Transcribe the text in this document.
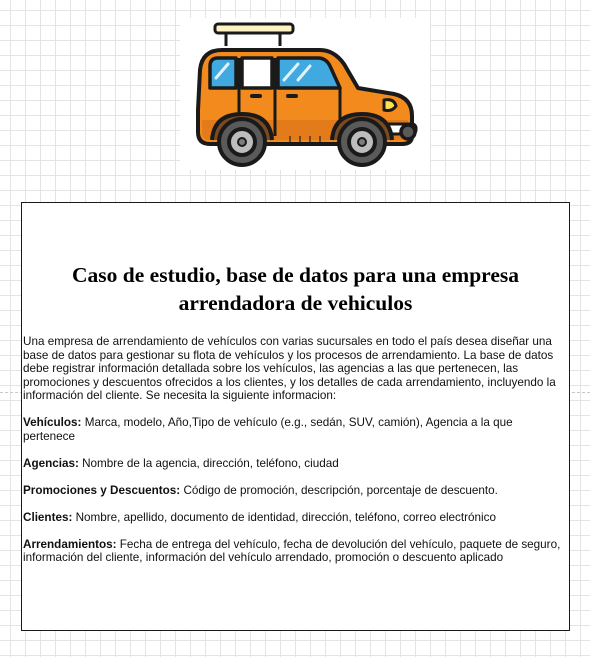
Caso de estudio, base de datos para una empresa arrendadora de vehiculos

Una empresa de arrendamiento de vehículos con varias sucursales en todo el país desea diseñar una base de datos para gestionar su flota de vehículos y los procesos de arrendamiento. La base de datos debe registrar información detallada sobre los vehículos, las agencias a las que pertenecen, las promociones y descuentos ofrecidos a los clientes, y los detalles de cada arrendamiento, incluyendo la información del cliente. Se necesita la siguiente informacion:

Vehículos: Marca, modelo, Año,Tipo de vehículo (e.g., sedán, SUV, camión), Agencia a la que pertenece

Agencias: Nombre de la agencia, dirección, teléfono, ciudad

Promociones y Descuentos: Código de promoción, descripción, porcentaje de descuento.

Clientes: Nombre, apellido, documento de identidad, dirección, teléfono, correo electrónico

Arrendamientos: Fecha de entrega del vehículo, fecha de devolución del vehículo, paquete de seguro, información del cliente, información del vehículo arrendado, promoción o descuento aplicado
